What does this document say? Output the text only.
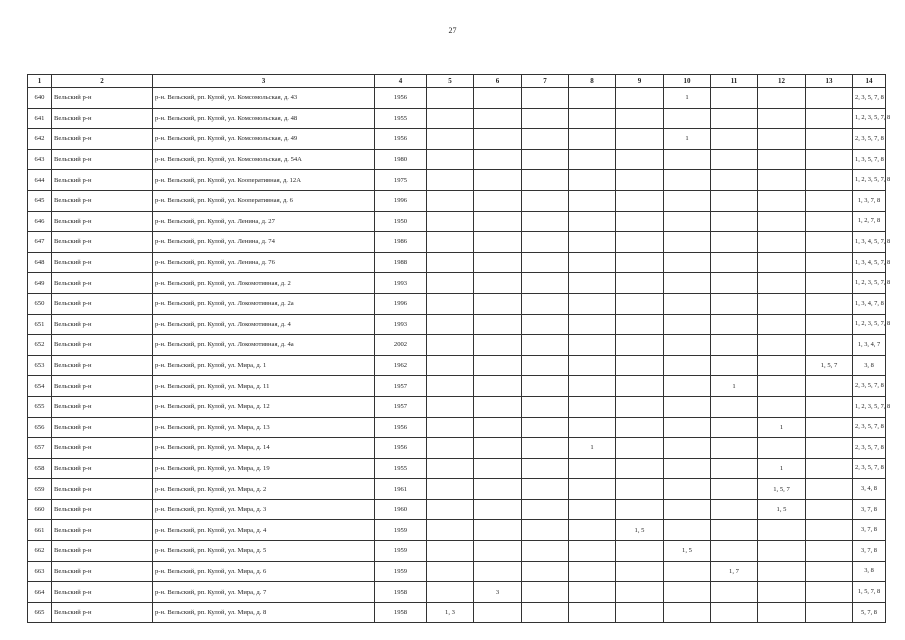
27
1	2	3	4	5	6	7	8	9	10	11	12	13	14
640	Вельский р-н	р-н. Вельский, рп. Кулой, ул. Комсомольская, д. 43	1956						1				2, 3, 5, 7, 8
641	Вельский р-н	р-н. Вельский, рп. Кулой, ул. Комсомольская, д. 48	1955										1, 2, 3, 5, 7, 8
642	Вельский р-н	р-н. Вельский, рп. Кулой, ул. Комсомольская, д. 49	1956						1				2, 3, 5, 7, 8
643	Вельский р-н	р-н. Вельский, рп. Кулой, ул. Комсомольская, д. 54А	1980										1, 3, 5, 7, 8
644	Вельский р-н	р-н. Вельский, рп. Кулой, ул. Кооперативная, д. 12А	1975										1, 2, 3, 5, 7, 8
645	Вельский р-н	р-н. Вельский, рп. Кулой, ул. Кооперативная, д. 6	1996										1, 3, 7, 8
646	Вельский р-н	р-н. Вельский, рп. Кулой, ул. Ленина, д. 27	1950										1, 2, 7, 8
647	Вельский р-н	р-н. Вельский, рп. Кулой, ул. Ленина, д. 74	1986										1, 3, 4, 5, 7, 8
648	Вельский р-н	р-н. Вельский, рп. Кулой, ул. Ленина, д. 76	1988										1, 3, 4, 5, 7, 8
649	Вельский р-н	р-н. Вельский, рп. Кулой, ул. Локомотивная, д. 2	1993										1, 2, 3, 5, 7, 8
650	Вельский р-н	р-н. Вельский, рп. Кулой, ул. Локомотивная, д. 2а	1996										1, 3, 4, 7, 8
651	Вельский р-н	р-н. Вельский, рп. Кулой, ул. Локомотивная, д. 4	1993										1, 2, 3, 5, 7, 8
652	Вельский р-н	р-н. Вельский, рп. Кулой, ул. Локомотивная, д. 4а	2002										1, 3, 4, 7
653	Вельский р-н	р-н. Вельский, рп. Кулой, ул. Мира, д. 1	1962									1, 5, 7	3, 8
654	Вельский р-н	р-н. Вельский, рп. Кулой, ул. Мира, д. 11	1957							1			2, 3, 5, 7, 8
655	Вельский р-н	р-н. Вельский, рп. Кулой, ул. Мира, д. 12	1957										1, 2, 3, 5, 7, 8
656	Вельский р-н	р-н. Вельский, рп. Кулой, ул. Мира, д. 13	1956								1		2, 3, 5, 7, 8
657	Вельский р-н	р-н. Вельский, рп. Кулой, ул. Мира, д. 14	1956				1						2, 3, 5, 7, 8
658	Вельский р-н	р-н. Вельский, рп. Кулой, ул. Мира, д. 19	1955								1		2, 3, 5, 7, 8
659	Вельский р-н	р-н. Вельский, рп. Кулой, ул. Мира, д. 2	1961								1, 5, 7		3, 4, 8
660	Вельский р-н	р-н. Вельский, рп. Кулой, ул. Мира, д. 3	1960								1, 5		3, 7, 8
661	Вельский р-н	р-н. Вельский, рп. Кулой, ул. Мира, д. 4	1959					1, 5					3, 7, 8
662	Вельский р-н	р-н. Вельский, рп. Кулой, ул. Мира, д. 5	1959						1, 5				3, 7, 8
663	Вельский р-н	р-н. Вельский, рп. Кулой, ул. Мира, д. 6	1959							1, 7			3, 8
664	Вельский р-н	р-н. Вельский, рп. Кулой, ул. Мира, д. 7	1958		3								1, 5, 7, 8
665	Вельский р-н	р-н. Вельский, рп. Кулой, ул. Мира, д. 8	1958	1, 3									5, 7, 8
